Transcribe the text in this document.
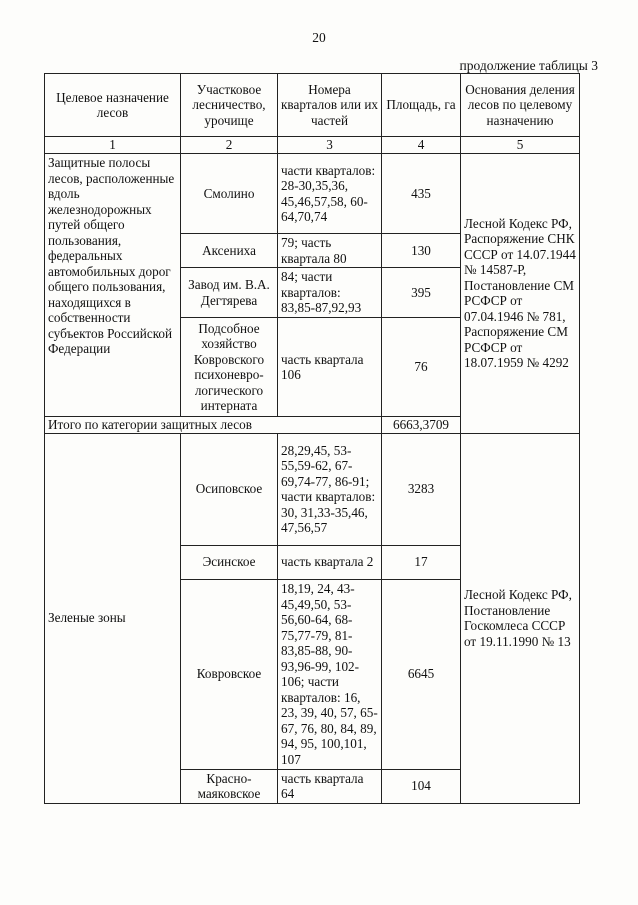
20
продолжение таблицы 3
Целевое назначение лесов	Участковое лесничество, урочище	Номера кварталов или их частей	Площадь, га	Основания деления лесов по целевому назначению
1	2	3	4	5
Защитные полосы лесов, расположенные вдоль железнодорожных путей общего пользования, федеральных автомобильных дорог общего пользования, находящихся в собственности субъектов Российской Федерации	Смолино	части кварталов: 28-30,35,36, 45,46,57,58, 60-64,70,74	435	Лесной Кодекс РФ, Распоряжение СНК СССР от 14.07.1944 № 14587-Р, Постановление СМ РСФСР от 07.04.1946 № 781, Распоряжение СМ РСФСР от 18.07.1959 № 4292
	Аксениха	79; часть квартала 80	130	
	Завод им. В.А. Дегтярева	84; части кварталов: 83,85-87,92,93	395	
	Подсобное хозяйство Ковровского психоневро-логического интерната	часть квартала 106	76	
Итого по категории защитных лесов			6663,3709	
Зеленые зоны	Осиповское	28,29,45, 53-55,59-62, 67-69,74-77, 86-91; части кварталов: 30, 31,33-35,46, 47,56,57	3283	Лесной Кодекс РФ, Постановление Госкомлеса СССР от 19.11.1990 № 13
	Эсинское	часть квартала 2	17	
	Ковровское	18,19, 24, 43-45,49,50, 53-56,60-64, 68-75,77-79, 81-83,85-88, 90-93,96-99, 102-106; части кварталов: 16, 23, 39, 40, 57, 65-67, 76, 80, 84, 89, 94, 95, 100,101, 107	6645	
	Красно-маяковское	часть квартала 64	104	
